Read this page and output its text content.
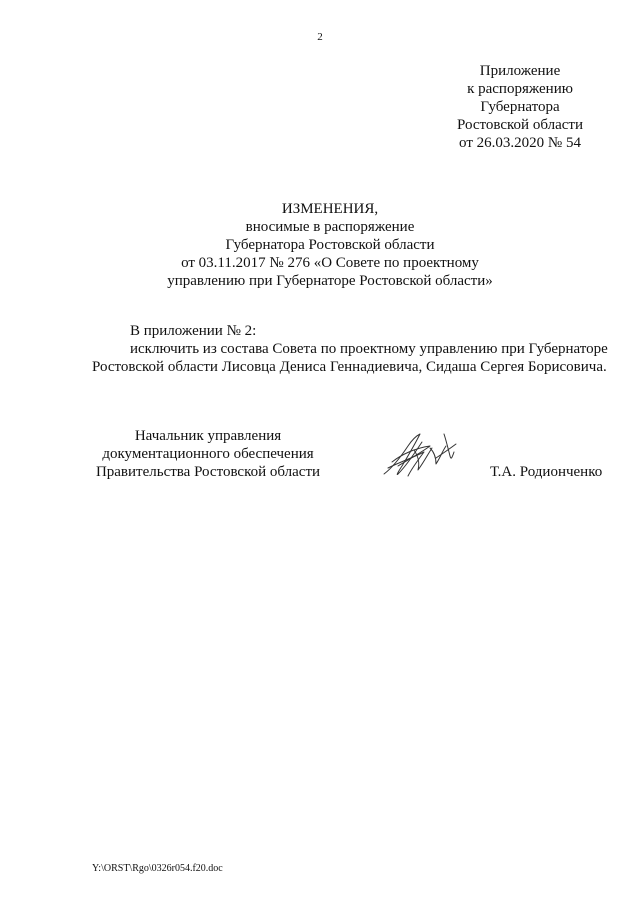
2
Приложение
к распоряжению
Губернатора
Ростовской области
от 26.03.2020 № 54
ИЗМЕНЕНИЯ,
вносимые в распоряжение
Губернатора Ростовской области
от 03.11.2017 № 276 «О Совете по проектному
управлению при Губернаторе Ростовской области»
В приложении № 2:
исключить из состава Совета по проектному управлению при Губернаторе
Ростовской области Лисовца Дениса Геннадиевича, Сидаша Сергея Борисовича.
Начальник управления
документационного обеспечения
Правительства Ростовской области	Т.А. Родионченко
Y:\ORST\Rgo\0326r054.f20.doc
